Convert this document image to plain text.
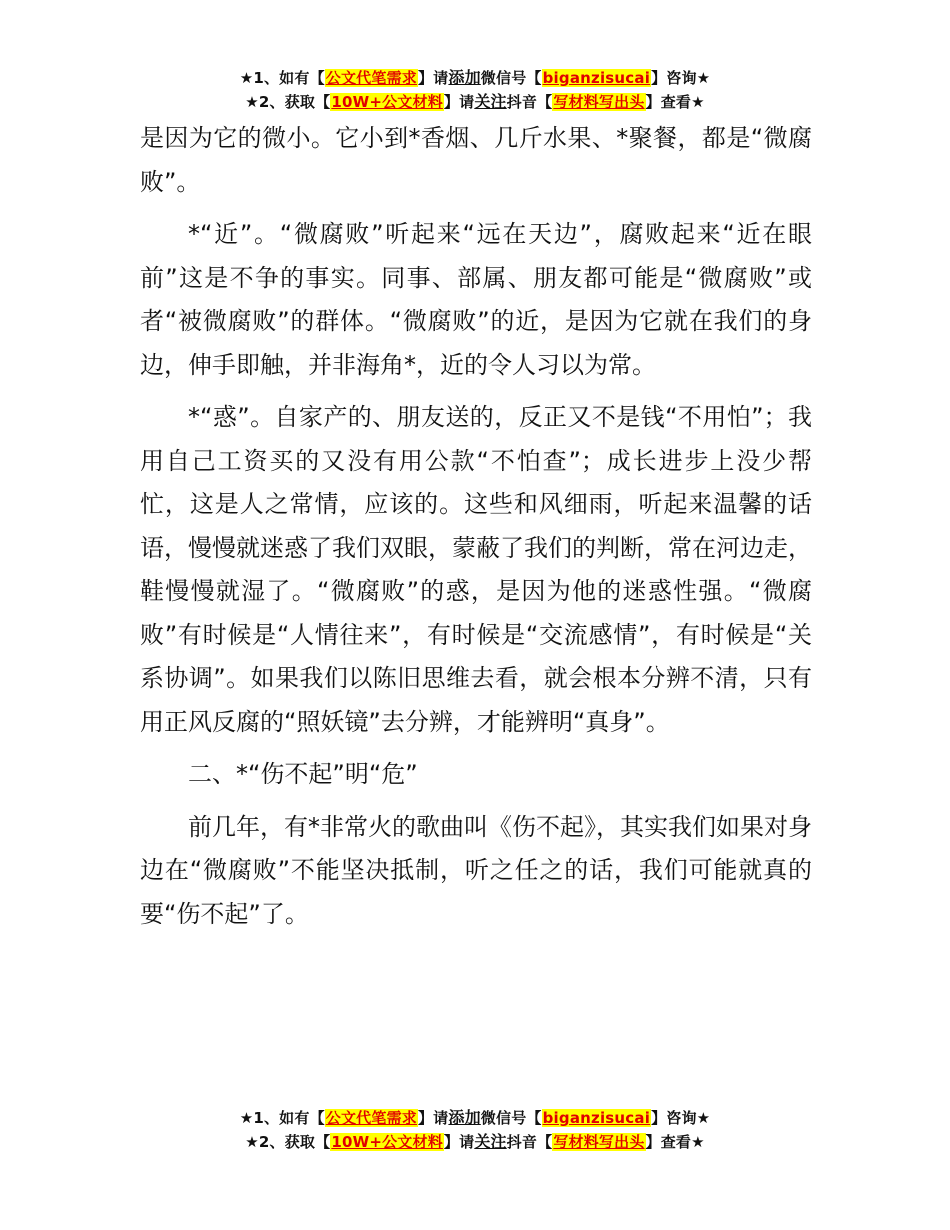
★1、如有【公文代笔需求】请添加微信号【biganzisucai】咨询★
★2、获取【10W+公文材料】请关注抖音【写材料写出头】查看★

是因为它的微小。它小到*香烟、几斤水果、*聚餐，都是“微腐败”。

*“近”。“微腐败”听起来“远在天边”，腐败起来“近在眼前”这是不争的事实。同事、部属、朋友都可能是“微腐败”或者“被微腐败”的群体。“微腐败”的近，是因为它就在我们的身边，伸手即触，并非海角*，近的令人习以为常。

*“惑”。自家产的、朋友送的，反正又不是钱“不用怕”；我用自己工资买的又没有用公款“不怕查”；成长进步上没少帮忙，这是人之常情，应该的。这些和风细雨，听起来温馨的话语，慢慢就迷惑了我们双眼，蒙蔽了我们的判断，常在河边走，鞋慢慢就湿了。“微腐败”的惑，是因为他的迷惑性强。“微腐败”有时候是“人情往来”，有时候是“交流感情”，有时候是“关系协调”。如果我们以陈旧思维去看，就会根本分辨不清，只有用正风反腐的“照妖镜”去分辨，才能辨明“真身”。

二、*“伤不起”明“危”

前几年，有*非常火的歌曲叫《伤不起》，其实我们如果对身边在“微腐败”不能坚决抵制，听之任之的话，我们可能就真的要“伤不起”了。

★1、如有【公文代笔需求】请添加微信号【biganzisucai】咨询★
★2、获取【10W+公文材料】请关注抖音【写材料写出头】查看★
